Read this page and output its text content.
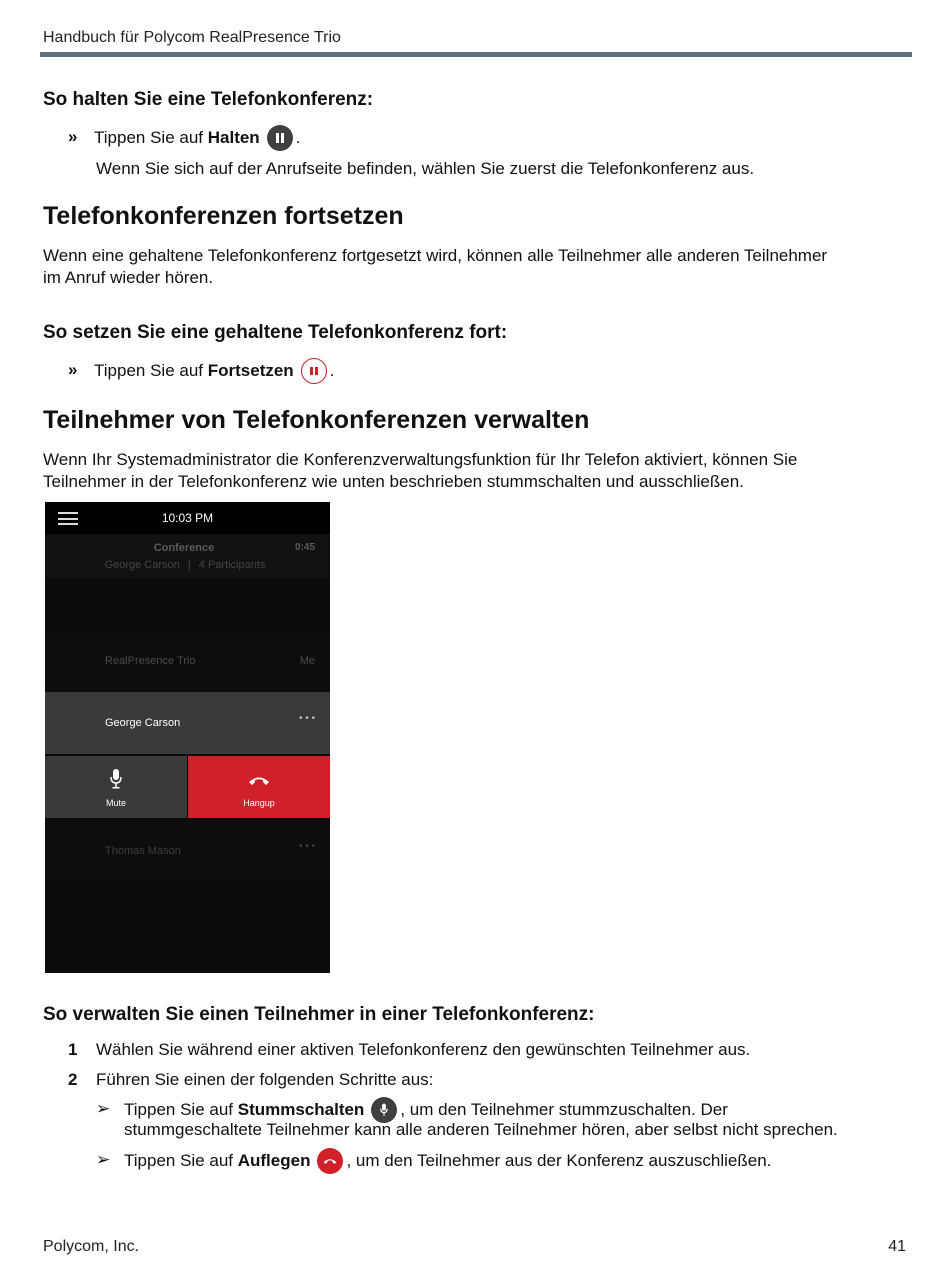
Handbuch für Polycom RealPresence Trio
So halten Sie eine Telefonkonferenz:
» Tippen Sie auf Halten .
Wenn Sie sich auf der Anrufseite befinden, wählen Sie zuerst die Telefonkonferenz aus.
Telefonkonferenzen fortsetzen
Wenn eine gehaltene Telefonkonferenz fortgesetzt wird, können alle Teilnehmer alle anderen Teilnehmer
im Anruf wieder hören.
So setzen Sie eine gehaltene Telefonkonferenz fort:
» Tippen Sie auf Fortsetzen .
Teilnehmer von Telefonkonferenzen verwalten
Wenn Ihr Systemadministrator die Konferenzverwaltungsfunktion für Ihr Telefon aktiviert, können Sie
Teilnehmer in der Telefonkonferenz wie unten beschrieben stummschalten und ausschließen.
10:03 PM
Conference	0:45
George Carson | 4 Participants
RealPresence Trio	Me
George Carson	• • •
Mute	Hangup
Thomas Mason	• • •
So verwalten Sie einen Teilnehmer in einer Telefonkonferenz:
1 Wählen Sie während einer aktiven Telefonkonferenz den gewünschten Teilnehmer aus.
2 Führen Sie einen der folgenden Schritte aus:
➢ Tippen Sie auf Stummschalten , um den Teilnehmer stummzuschalten. Der
stummgeschaltete Teilnehmer kann alle anderen Teilnehmer hören, aber selbst nicht sprechen.
➢ Tippen Sie auf Auflegen , um den Teilnehmer aus der Konferenz auszuschließen.
Polycom, Inc.	41
